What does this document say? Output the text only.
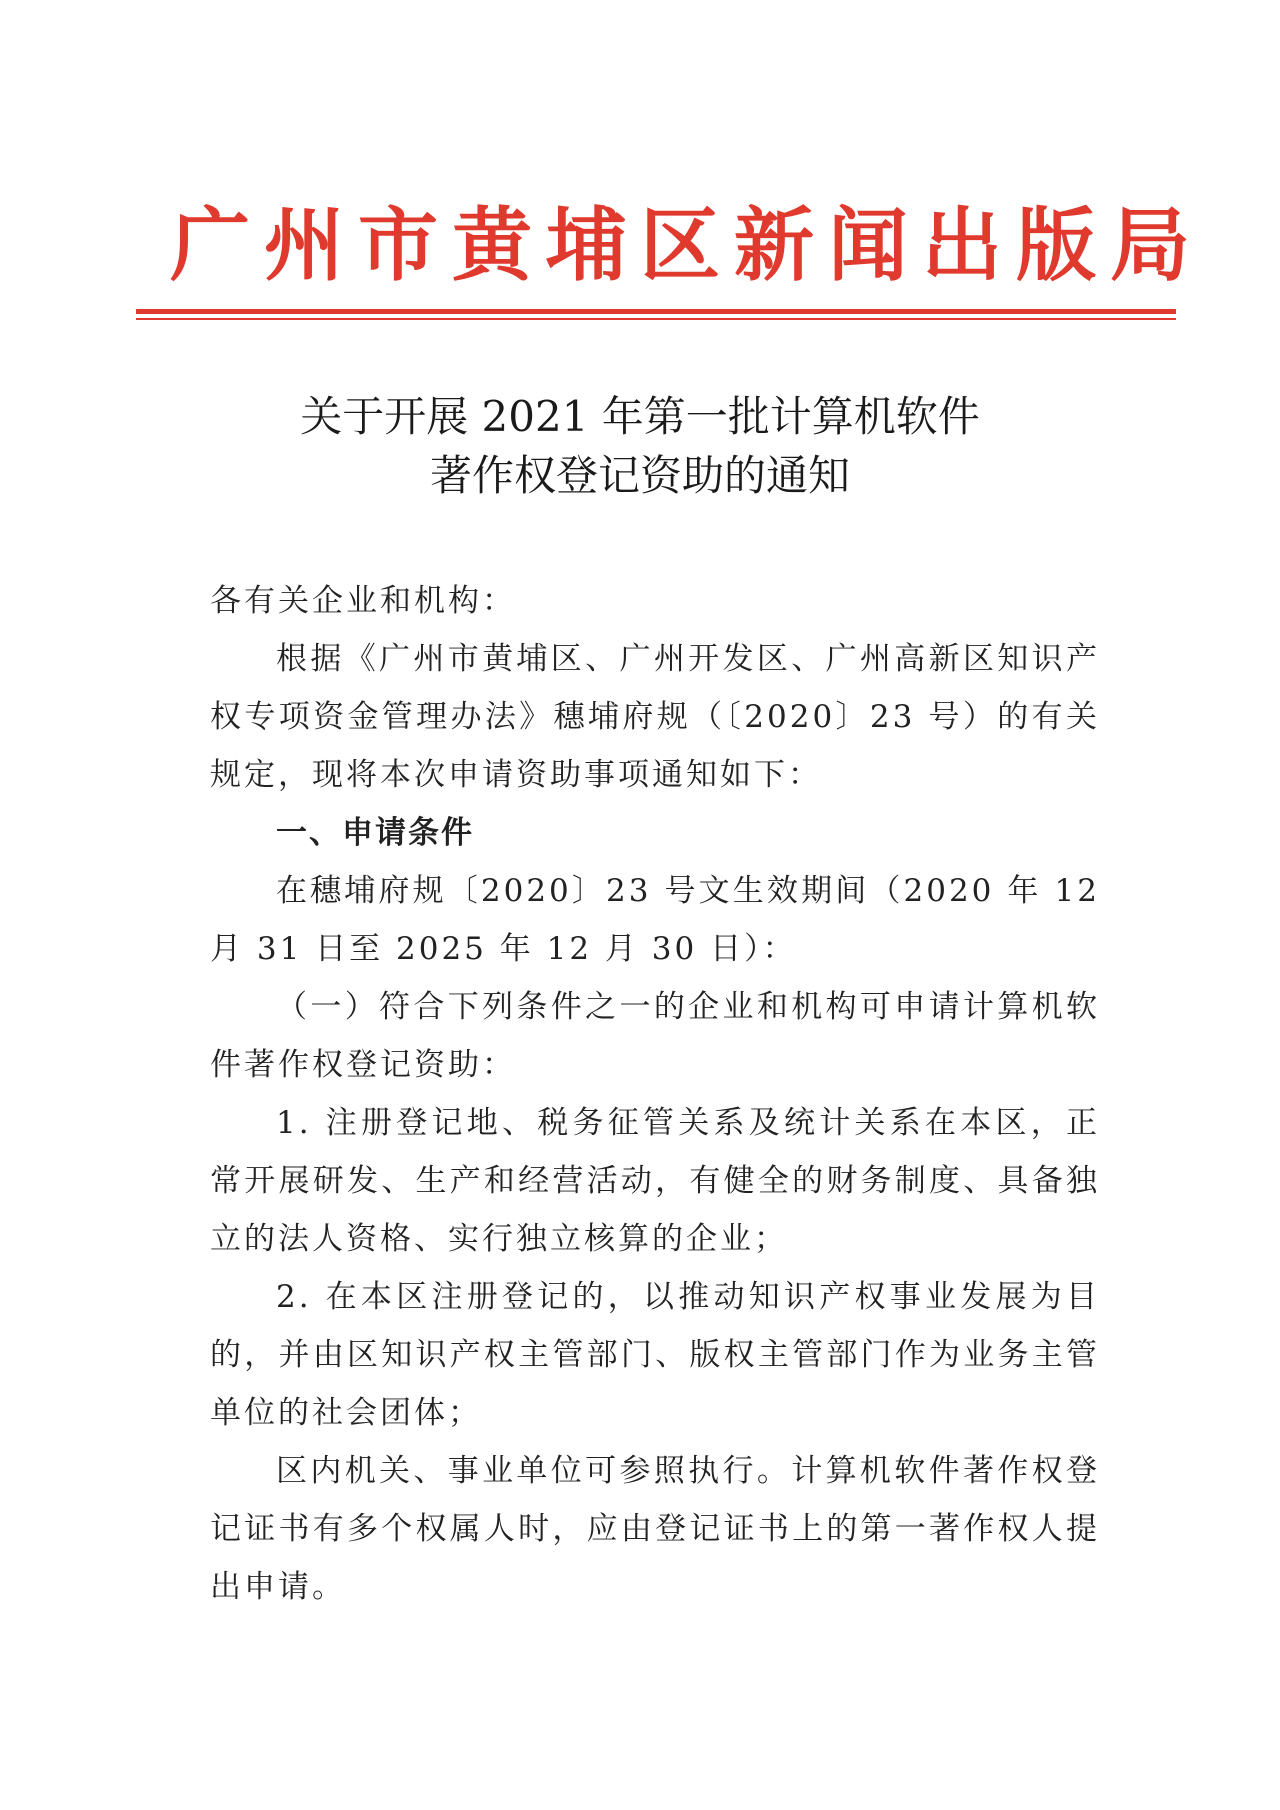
广州市黄埔区新闻出版局
关于开展 2021 年第一批计算机软件
著作权登记资助的通知

各有关企业和机构：

根据《广州市黄埔区、广州开发区、广州高新区知识产权专项资金管理办法》穗埔府规（〔2020〕23 号）的有关规定，现将本次申请资助事项通知如下：

一、申请条件

在穗埔府规〔2020〕23 号文生效期间（2020 年 12 月 31 日至 2025 年 12 月 30 日）：

（一）符合下列条件之一的企业和机构可申请计算机软件著作权登记资助：

1. 注册登记地、税务征管关系及统计关系在本区，正常开展研发、生产和经营活动，有健全的财务制度、具备独立的法人资格、实行独立核算的企业；

2. 在本区注册登记的，以推动知识产权事业发展为目的，并由区知识产权主管部门、版权主管部门作为业务主管单位的社会团体；

区内机关、事业单位可参照执行。计算机软件著作权登记证书有多个权属人时，应由登记证书上的第一著作权人提出申请。
